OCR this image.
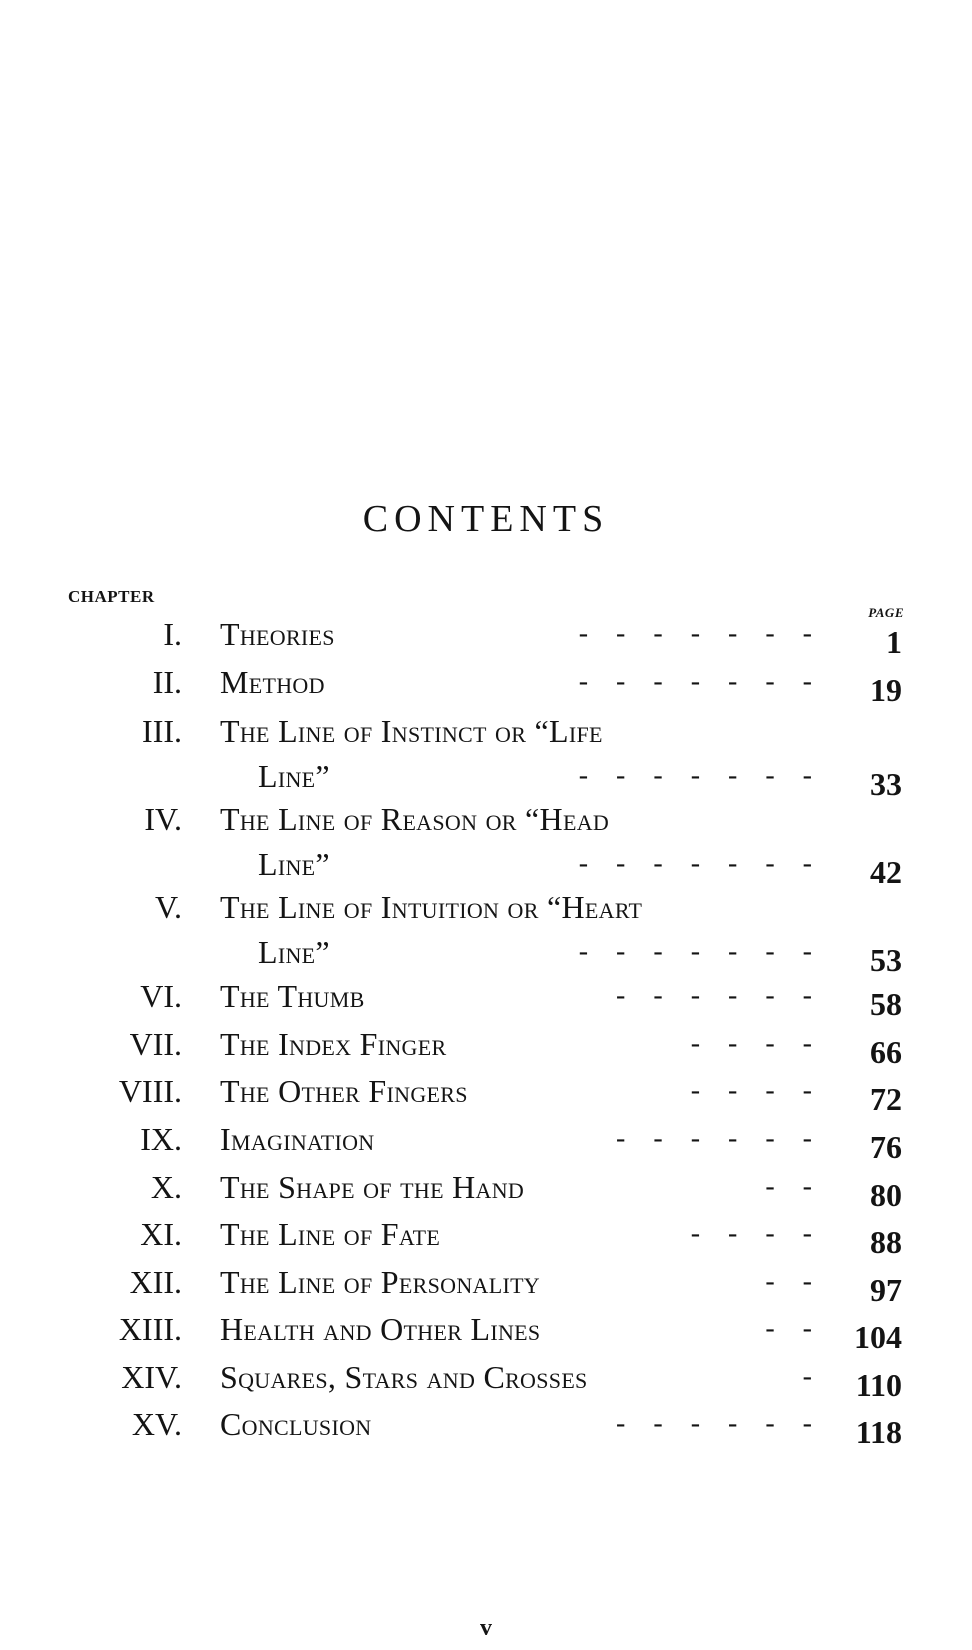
CONTENTS
CHAPTER
PAGE
I. Theories	-    -    -    -    -    -    -	1
II. Method	-    -    -    -    -    -    -	19
III. The Line of Instinct or “Life
Line”	-    -    -    -    -    -    -	33
IV. The Line of Reason or “Head
Line”	-    -    -    -    -    -    -	42
V. The Line of Intuition or “Heart
Line”	-    -    -    -    -    -    -	53
VI. The Thumb	-    -    -    -    -    -	58
VII. The Index Finger	-    -    -    -	66
VIII. The Other Fingers	-    -    -    -	72
IX. Imagination	-    -    -    -    -    -	76
X. The Shape of the Hand	-    -	80
XI. The Line of Fate	-    -    -    -	88
XII. The Line of Personality	-    -	97
XIII. Health and Other Lines	-    -	104
XIV. Squares, Stars and Crosses	-	110
XV. Conclusion	-    -    -    -    -    -	118
v
